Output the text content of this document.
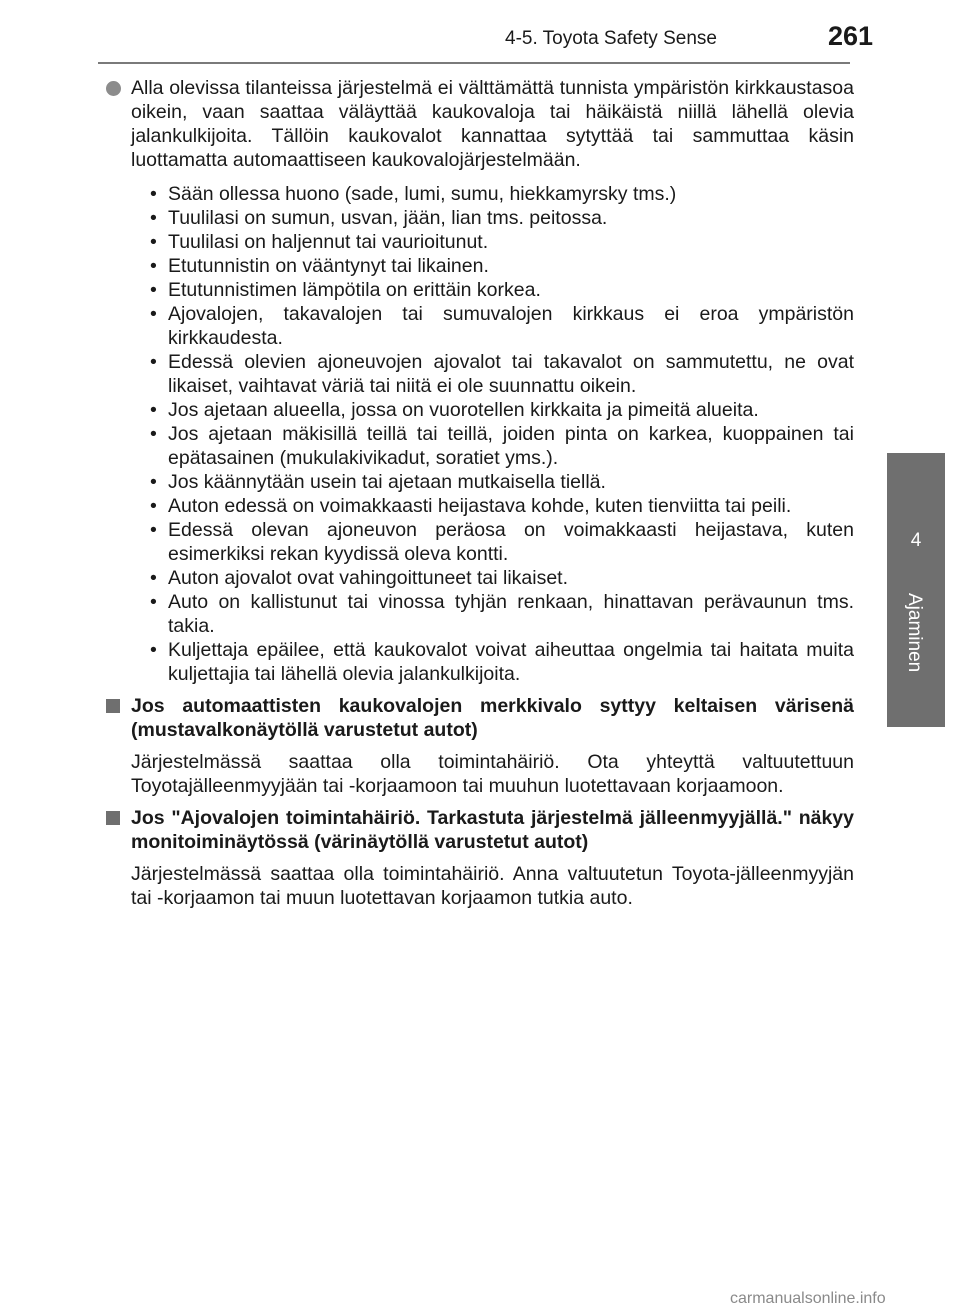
4-5. Toyota Safety Sense	261
4
Ajaminen
Alla olevissa tilanteissa järjestelmä ei välttämättä tunnista ympäristön kirkkaustasoa oikein, vaan saattaa väläyttää kaukovaloja tai häikäistä niillä lähellä olevia jalankulkijoita. Tällöin kaukovalot kannattaa sytyttää tai sammuttaa käsin luottamatta automaattiseen kaukovalojärjestelmään.
• Sään ollessa huono (sade, lumi, sumu, hiekkamyrsky tms.)
• Tuulilasi on sumun, usvan, jään, lian tms. peitossa.
• Tuulilasi on haljennut tai vaurioitunut.
• Etutunnistin on vääntynyt tai likainen.
• Etutunnistimen lämpötila on erittäin korkea.
• Ajovalojen, takavalojen tai sumuvalojen kirkkaus ei eroa ympäristön kirkkaudesta.
• Edessä olevien ajoneuvojen ajovalot tai takavalot on sammutettu, ne ovat likaiset, vaihtavat väriä tai niitä ei ole suunnattu oikein.
• Jos ajetaan alueella, jossa on vuorotellen kirkkaita ja pimeitä alueita.
• Jos ajetaan mäkisillä teillä tai teillä, joiden pinta on karkea, kuoppainen tai epätasainen (mukulakivikadut, soratiet yms.).
• Jos käännytään usein tai ajetaan mutkaisella tiellä.
• Auton edessä on voimakkaasti heijastava kohde, kuten tienviitta tai peili.
• Edessä olevan ajoneuvon peräosa on voimakkaasti heijastava, kuten esimerkiksi rekan kyydissä oleva kontti.
• Auton ajovalot ovat vahingoittuneet tai likaiset.
• Auto on kallistunut tai vinossa tyhjän renkaan, hinattavan perävaunun tms. takia.
• Kuljettaja epäilee, että kaukovalot voivat aiheuttaa ongelmia tai haitata muita kuljettajia tai lähellä olevia jalankulkijoita.
Jos automaattisten kaukovalojen merkkivalo syttyy keltaisen värisenä (mustavalkonäytöllä varustetut autot)
Järjestelmässä saattaa olla toimintahäiriö. Ota yhteyttä valtuutettuun Toyotajälleenmyyjään tai -korjaamoon tai muuhun luotettavaan korjaamoon.
Jos "Ajovalojen toimintahäiriö. Tarkastuta järjestelmä jälleenmyyjällä." näkyy monitoiminäytössä (värinäytöllä varustetut autot)
Järjestelmässä saattaa olla toimintahäiriö. Anna valtuutetun Toyota-jälleenmyyjän tai -korjaamon tai muun luotettavan korjaamon tutkia auto.
carmanualsonline.info
